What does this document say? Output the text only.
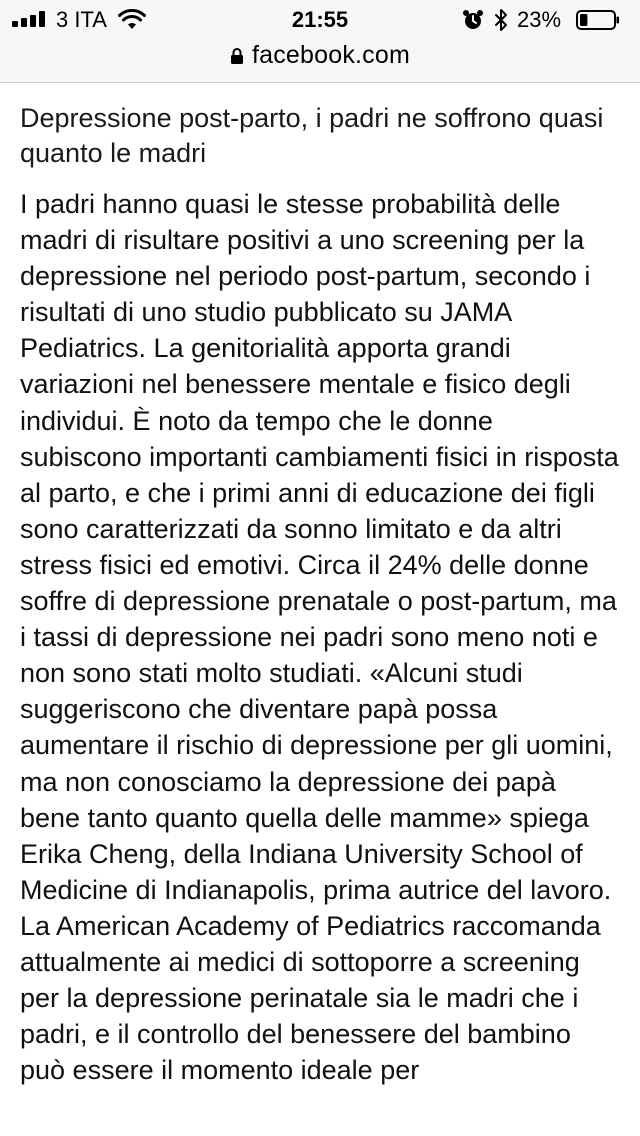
3 ITA	21:55	23%
facebook.com
Depressione post-parto, i padri ne soffrono quasi quanto le madri

I padri hanno quasi le stesse probabilità delle madri di risultare positivi a uno screening per la depressione nel periodo post-partum, secondo i risultati di uno studio pubblicato su JAMA Pediatrics. La genitorialità apporta grandi variazioni nel benessere mentale e fisico degli individui. È noto da tempo che le donne subiscono importanti cambiamenti fisici in risposta al parto, e che i primi anni di educazione dei figli sono caratterizzati da sonno limitato e da altri stress fisici ed emotivi. Circa il 24% delle donne soffre di depressione prenatale o post-partum, ma i tassi di depressione nei padri sono meno noti e non sono stati molto studiati. «Alcuni studi suggeriscono che diventare papà possa aumentare il rischio di depressione per gli uomini, ma non conosciamo la depressione dei papà bene tanto quanto quella delle mamme» spiega Erika Cheng, della Indiana University School of Medicine di Indianapolis, prima autrice del lavoro. La American Academy of Pediatrics raccomanda attualmente ai medici di sottoporre a screening per la depressione perinatale sia le madri che i padri, e il controllo del benessere del bambino può essere il momento ideale per
